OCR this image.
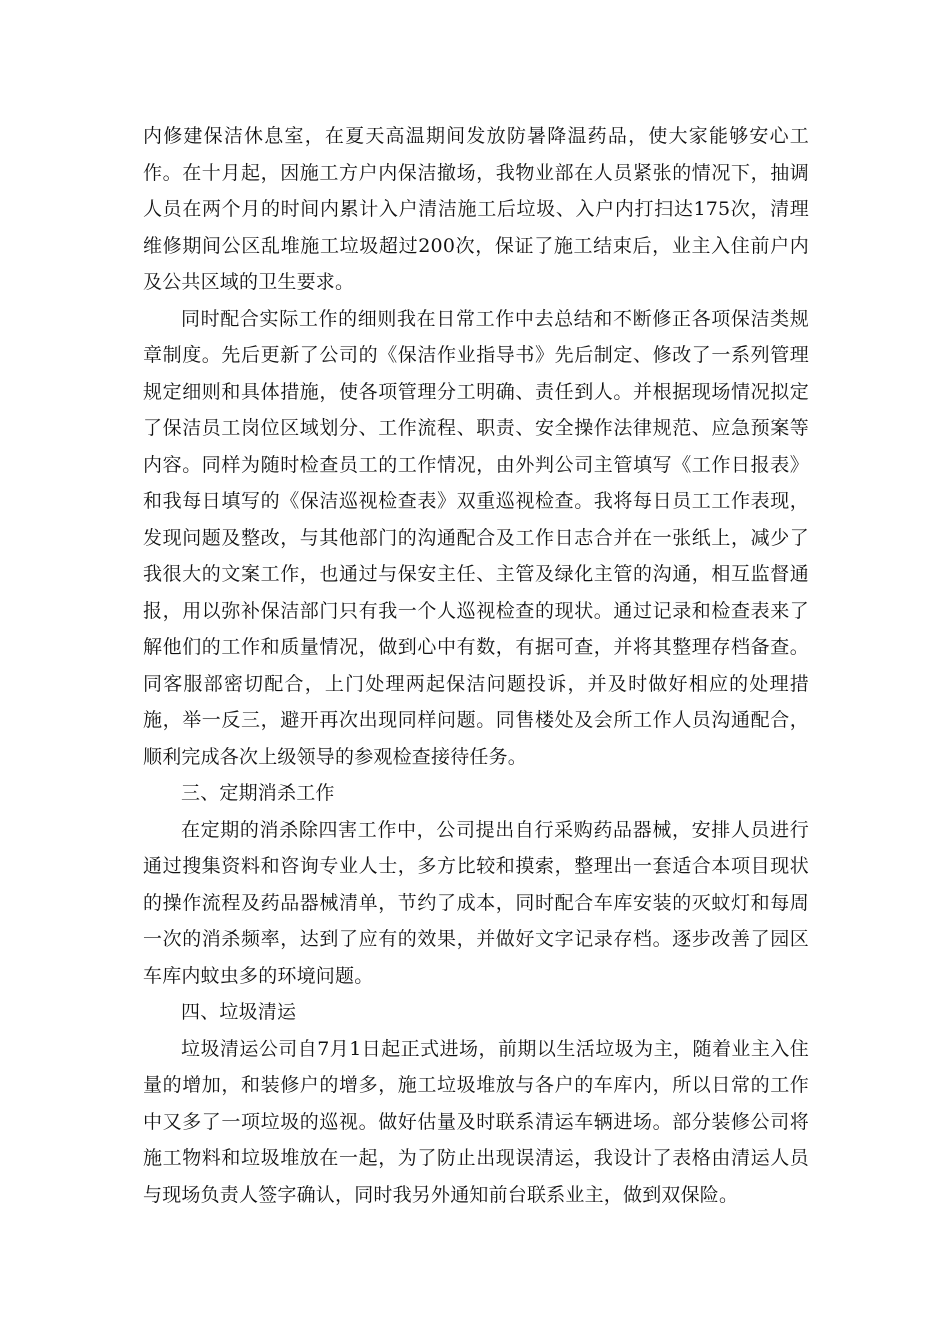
内修建保洁休息室，在夏天高温期间发放防暑降温药品，使大家能够安心工作。在十月起，因施工方户内保洁撤场，我物业部在人员紧张的情况下，抽调人员在两个月的时间内累计入户清洁施工后垃圾、入户内打扫达175次，清理维修期间公区乱堆施工垃圾超过200次，保证了施工结束后，业主入住前户内及公共区域的卫生要求。

同时配合实际工作的细则我在日常工作中去总结和不断修正各项保洁类规章制度。先后更新了公司的《保洁作业指导书》先后制定、修改了一系列管理规定细则和具体措施，使各项管理分工明确、责任到人。并根据现场情况拟定了保洁员工岗位区域划分、工作流程、职责、安全操作法律规范、应急预案等内容。同样为随时检查员工的工作情况，由外判公司主管填写《工作日报表》和我每日填写的《保洁巡视检查表》双重巡视检查。我将每日员工工作表现，发现问题及整改，与其他部门的沟通配合及工作日志合并在一张纸上，减少了我很大的文案工作，也通过与保安主任、主管及绿化主管的沟通，相互监督通报，用以弥补保洁部门只有我一个人巡视检查的现状。通过记录和检查表来了解他们的工作和质量情况，做到心中有数，有据可查，并将其整理存档备查。同客服部密切配合，上门处理两起保洁问题投诉，并及时做好相应的处理措施，举一反三，避开再次出现同样问题。同售楼处及会所工作人员沟通配合，顺利完成各次上级领导的参观检查接待任务。

三、定期消杀工作

在定期的消杀除四害工作中，公司提出自行采购药品器械，安排人员进行通过搜集资料和咨询专业人士，多方比较和摸索，整理出一套适合本项目现状的操作流程及药品器械清单，节约了成本，同时配合车库安装的灭蚊灯和每周一次的消杀频率，达到了应有的效果，并做好文字记录存档。逐步改善了园区车库内蚊虫多的环境问题。

四、垃圾清运

垃圾清运公司自7月1日起正式进场，前期以生活垃圾为主，随着业主入住量的增加，和装修户的增多，施工垃圾堆放与各户的车库内，所以日常的工作中又多了一项垃圾的巡视。做好估量及时联系清运车辆进场。部分装修公司将施工物料和垃圾堆放在一起，为了防止出现误清运，我设计了表格由清运人员与现场负责人签字确认，同时我另外通知前台联系业主，做到双保险。
